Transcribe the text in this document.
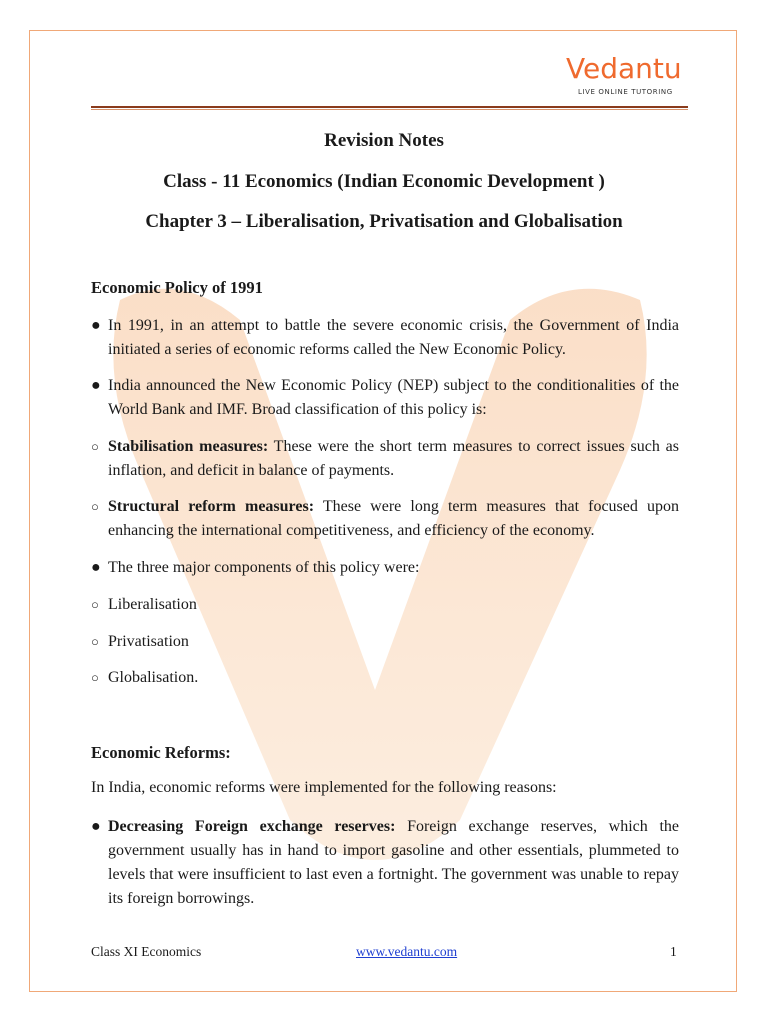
Vedantu
LIVE ONLINE TUTORING
Revision Notes
Class - 11 Economics (Indian Economic Development )
Chapter 3 – Liberalisation, Privatisation and Globalisation
Economic Policy of 1991
● In 1991, in an attempt to battle the severe economic crisis, the Government of India initiated a series of economic reforms called the New Economic Policy.
● India announced the New Economic Policy (NEP) subject to the conditionalities of the World Bank and IMF. Broad classification of this policy is:
○ Stabilisation measures: These were the short term measures to correct issues such as inflation, and deficit in balance of payments.
○ Structural reform measures: These were long term measures that focused upon enhancing the international competitiveness, and efficiency of the economy.
● The three major components of this policy were:
○ Liberalisation
○ Privatisation
○ Globalisation.
Economic Reforms:
In India, economic reforms were implemented for the following reasons:
● Decreasing Foreign exchange reserves: Foreign exchange reserves, which the government usually has in hand to import gasoline and other essentials, plummeted to levels that were insufficient to last even a fortnight. The government was unable to repay its foreign borrowings.
Class XI Economics	www.vedantu.com	1
